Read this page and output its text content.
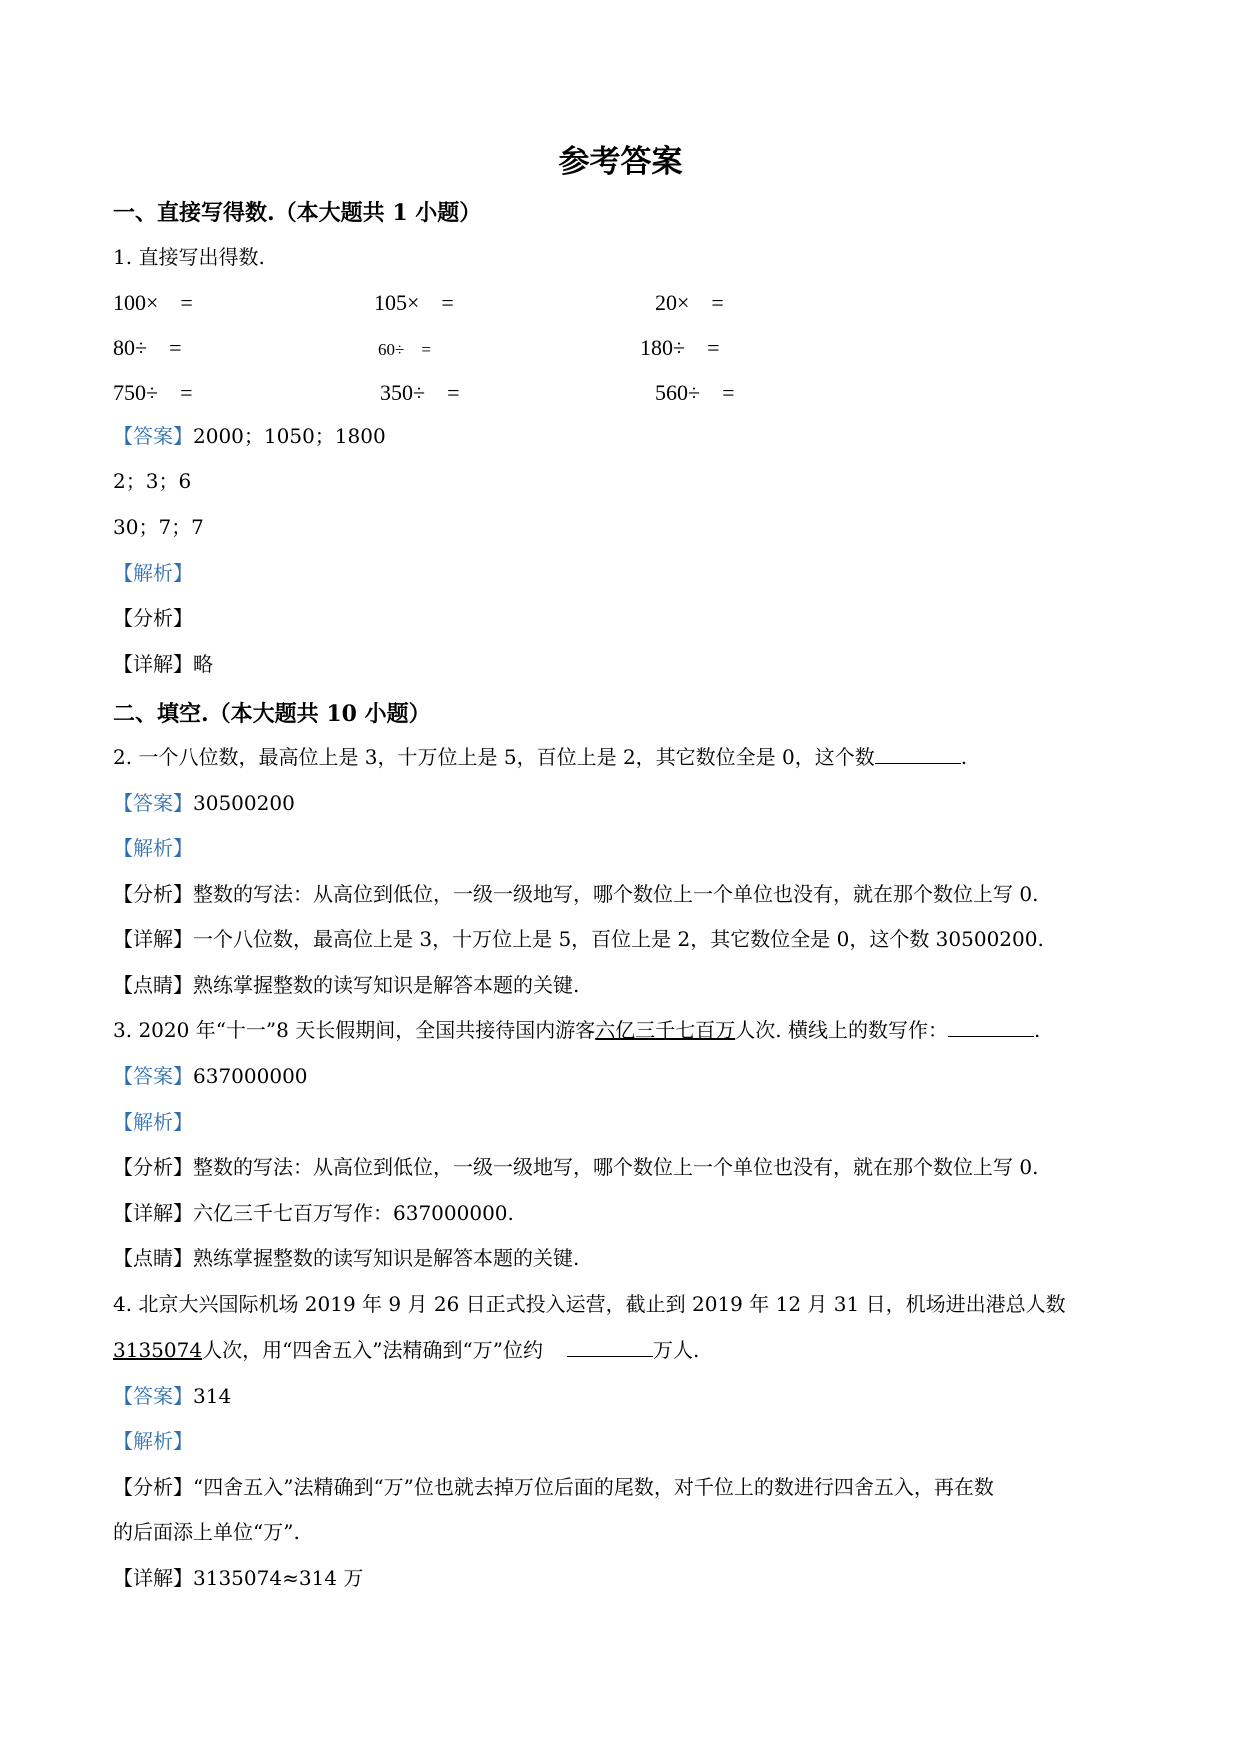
参考答案
一、直接写得数.（本大题共 1 小题）
1. 直接写出得数.
100×　=	105×　=	20×　=
80÷　=	60÷　=	180÷　=
750÷　=	350÷　=	560÷　=
【答案】2000；1050；1800
2；3；6
30；7；7
【解析】
【分析】
【详解】略
二、填空.（本大题共 10 小题）
2. 一个八位数，最高位上是 3，十万位上是 5，百位上是 2，其它数位全是 0，这个数	.
【答案】30500200
【解析】
【分析】整数的写法：从高位到低位，一级一级地写，哪个数位上一个单位也没有，就在那个数位上写 0.
【详解】一个八位数，最高位上是 3，十万位上是 5，百位上是 2，其它数位全是 0，这个数 30500200.
【点睛】熟练掌握整数的读写知识是解答本题的关键.
3. 2020 年“十一”8 天长假期间，全国共接待国内游客六亿三千七百万人次. 横线上的数写作：	.
【答案】637000000
【解析】
【分析】整数的写法：从高位到低位，一级一级地写，哪个数位上一个单位也没有，就在那个数位上写 0.
【详解】六亿三千七百万写作：637000000.
【点睛】熟练掌握整数的读写知识是解答本题的关键.
4. 北京大兴国际机场 2019 年 9 月 26 日正式投入运营，截止到 2019 年 12 月 31 日，机场进出港总人数
3135074人次，用“四舍五入”法精确到“万”位约	万人.
【答案】314
【解析】
【分析】“四舍五入”法精确到“万”位也就去掉万位后面的尾数，对千位上的数进行四舍五入，再在数
的后面添上单位“万”.
【详解】3135074≈314 万
